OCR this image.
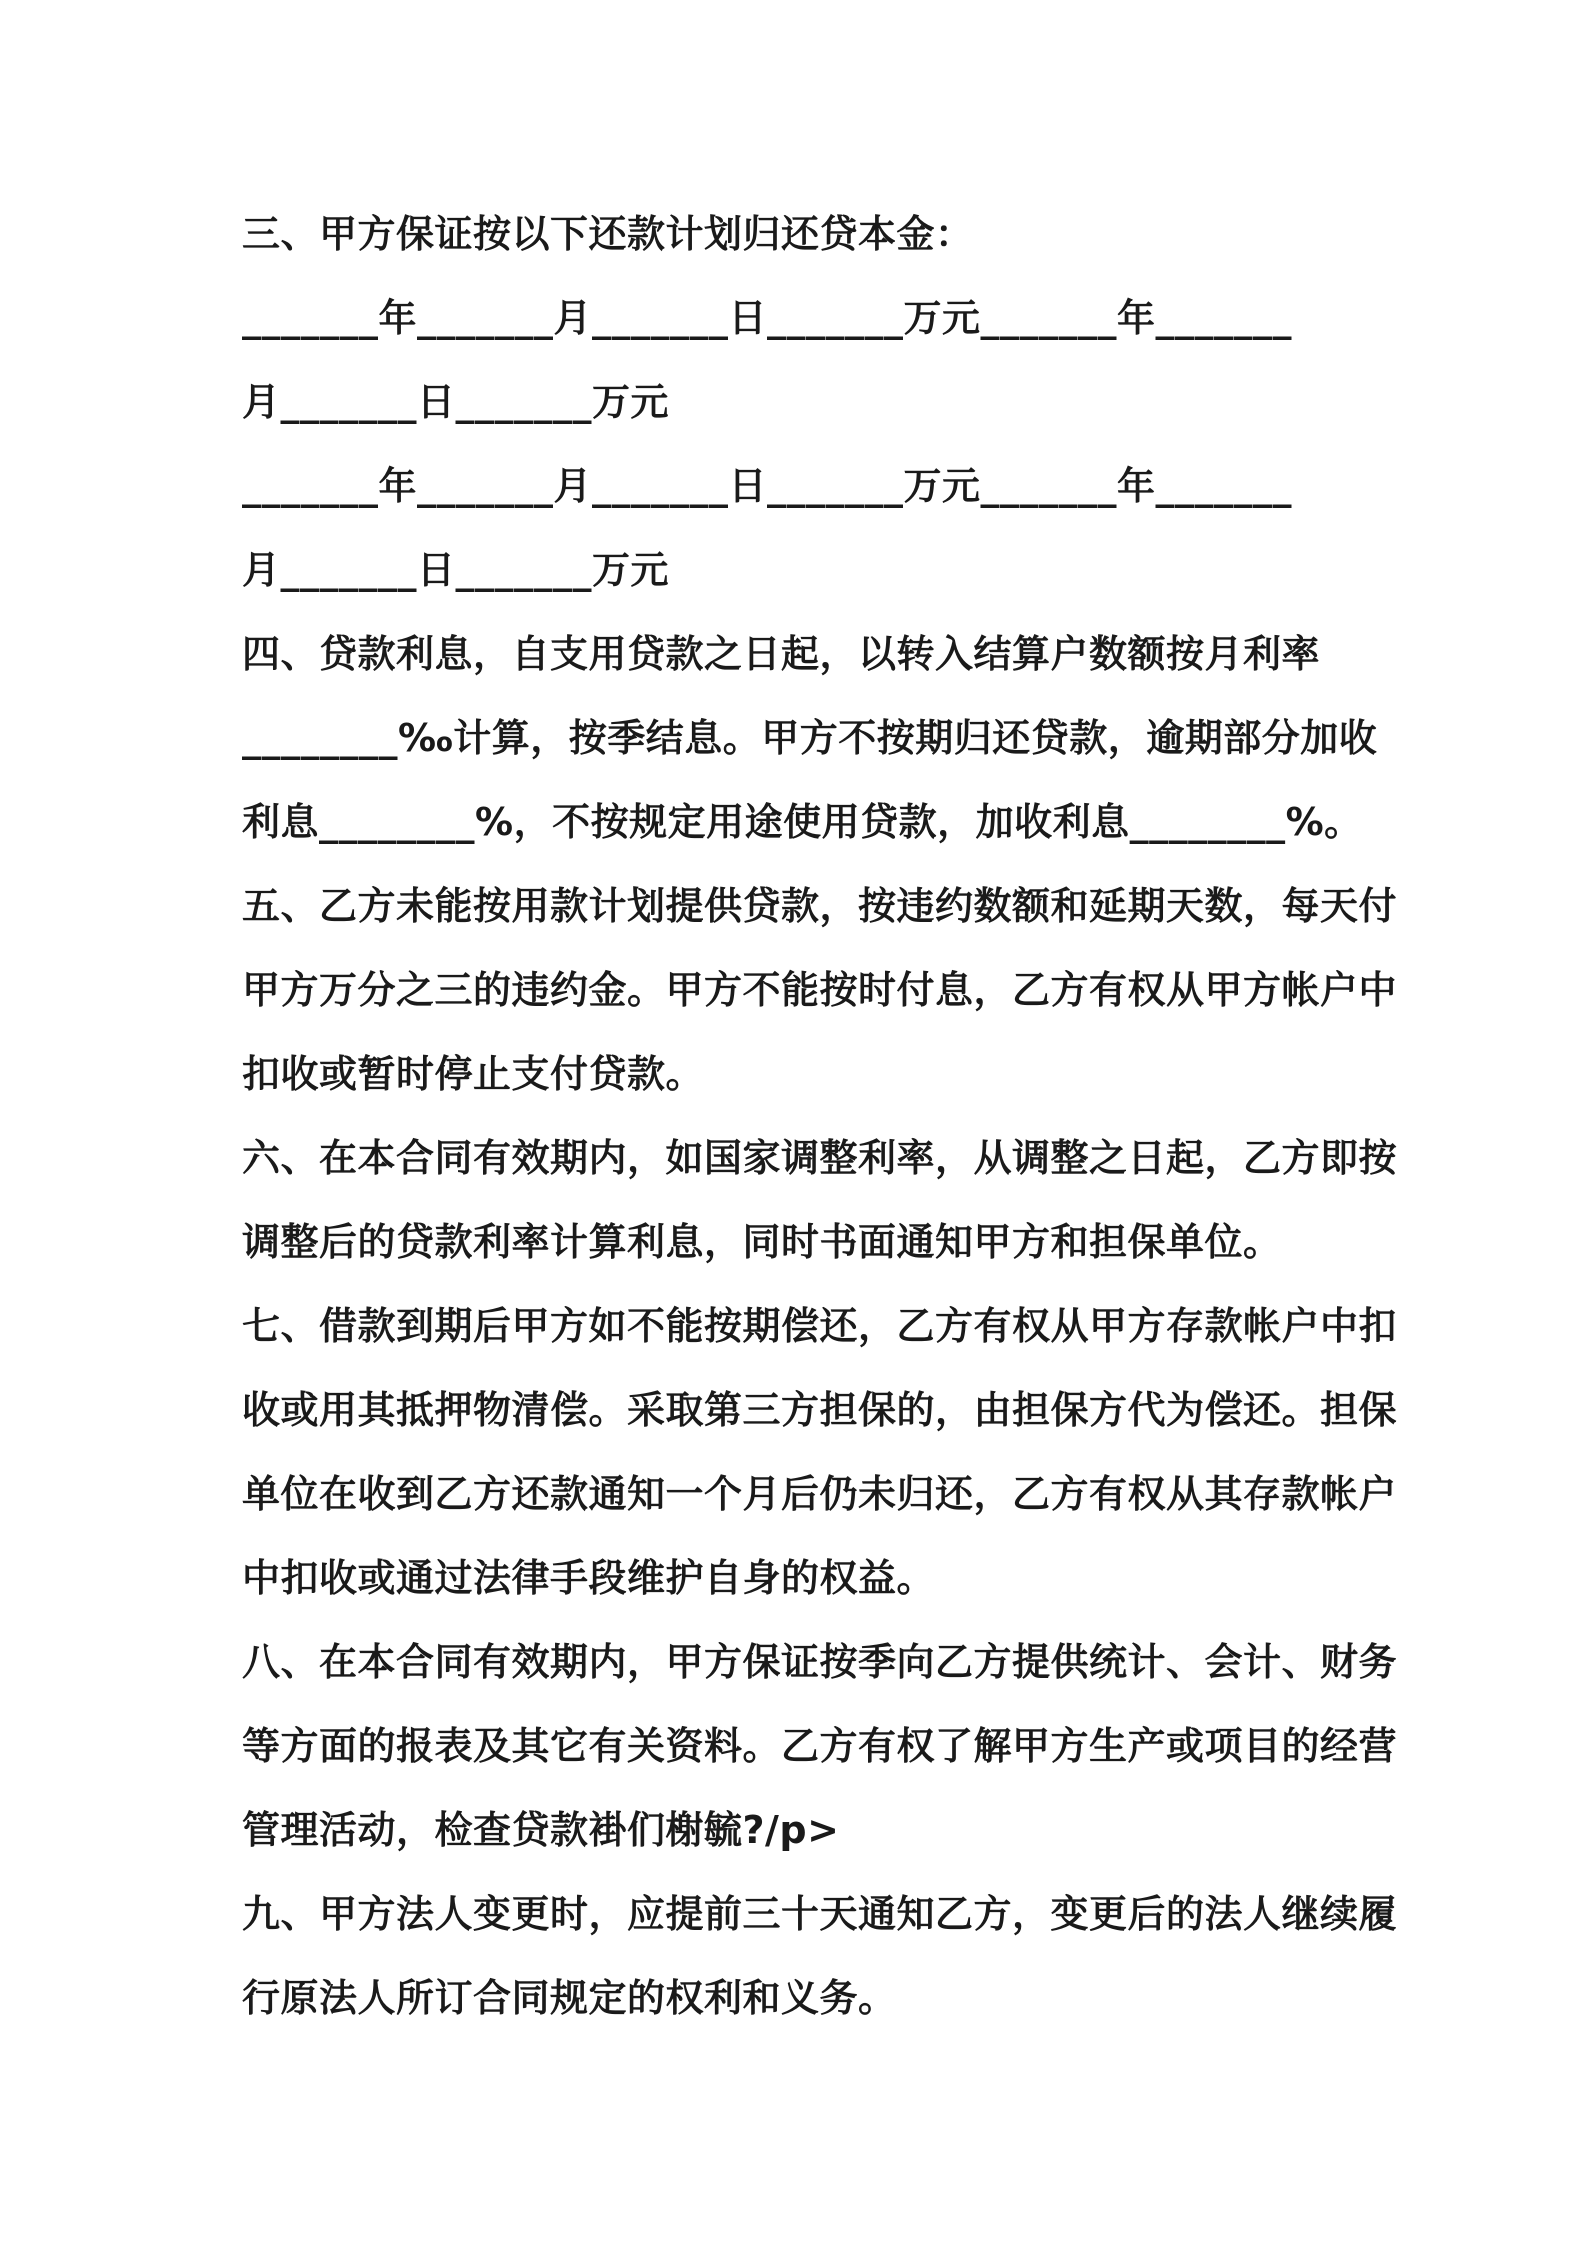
三、甲方保证按以下还款计划归还贷本金：
_______年_______月_______日_______万元_______年_______
月_______日_______万元
_______年_______月_______日_______万元_______年_______
月_______日_______万元
四、贷款利息，自支用贷款之日起，以转入结算户数额按月利率
________‰计算，按季结息。甲方不按期归还贷款，逾期部分加收
利息________%，不按规定用途使用贷款，加收利息________%。
五、乙方未能按用款计划提供贷款，按违约数额和延期天数，每天付
甲方万分之三的违约金。甲方不能按时付息，乙方有权从甲方帐户中
扣收或暂时停止支付贷款。
六、在本合同有效期内，如国家调整利率，从调整之日起，乙方即按
调整后的贷款利率计算利息，同时书面通知甲方和担保单位。
七、借款到期后甲方如不能按期偿还，乙方有权从甲方存款帐户中扣
收或用其抵押物清偿。采取第三方担保的，由担保方代为偿还。担保
单位在收到乙方还款通知一个月后仍未归还，乙方有权从其存款帐户
中扣收或通过法律手段维护自身的权益。
八、在本合同有效期内，甲方保证按季向乙方提供统计、会计、财务
等方面的报表及其它有关资料。乙方有权了解甲方生产或项目的经营
管理活动，检查贷款褂们榭毓?/p>
九、甲方法人变更时，应提前三十天通知乙方，变更后的法人继续履
行原法人所订合同规定的权利和义务。
